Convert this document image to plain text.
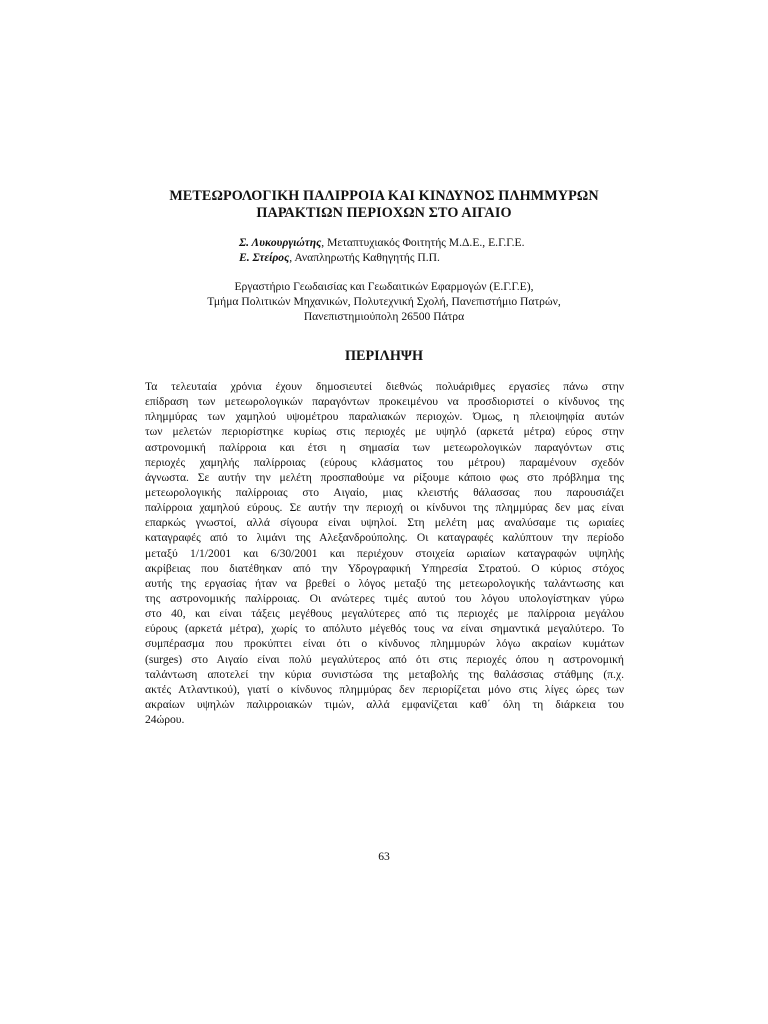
ΜΕΤΕΩΡΟΛΟΓΙΚΗ ΠΑΛΙΡΡΟΙΑ ΚΑΙ ΚΙΝΔΥΝΟΣ ΠΛΗΜΜΥΡΩΝ
ΠΑΡΑΚΤΙΩΝ ΠΕΡΙΟΧΩΝ ΣΤΟ ΑΙΓΑΙΟ
Σ. Λυκουργιώτης, Μεταπτυχιακός Φοιτητής Μ.Δ.Ε., Ε.Γ.Γ.Ε.
Ε. Στείρος, Αναπληρωτής Καθηγητής Π.Π.
Εργαστήριο Γεωδαισίας και Γεωδαιτικών Εφαρμογών (Ε.Γ.Γ.Ε),
Τμήμα Πολιτικών Μηχανικών, Πολυτεχνική Σχολή, Πανεπιστήμιο Πατρών,
Πανεπιστημιούπολη 26500 Πάτρα
ΠΕΡΙΛΗΨΗ
Τα τελευταία χρόνια έχουν δημοσιευτεί διεθνώς πολυάριθμες εργασίες πάνω στην
επίδραση των μετεωρολογικών παραγόντων προκειμένου να προσδιοριστεί ο κίνδυνος της
πλημμύρας των χαμηλού υψομέτρου παραλιακών περιοχών. Όμως, η πλειοψηφία αυτών
των μελετών περιορίστηκε κυρίως στις περιοχές με υψηλό (αρκετά μέτρα) εύρος στην
αστρονομική παλίρροια και έτσι η σημασία των μετεωρολογικών παραγόντων στις
περιοχές χαμηλής παλίρροιας (εύρους κλάσματος του μέτρου) παραμένουν σχεδόν
άγνωστα. Σε αυτήν την μελέτη προσπαθούμε να ρίξουμε κάποιο φως στο πρόβλημα της
μετεωρολογικής παλίρροιας στο Αιγαίο, μιας κλειστής θάλασσας που παρουσιάζει
παλίρροια χαμηλού εύρους. Σε αυτήν την περιοχή οι κίνδυνοι της πλημμύρας δεν μας είναι
επαρκώς γνωστοί, αλλά σίγουρα είναι υψηλοί. Στη μελέτη μας αναλύσαμε τις ωριαίες
καταγραφές από το λιμάνι της Αλεξανδρούπολης. Οι καταγραφές καλύπτουν την περίοδο
μεταξύ 1/1/2001 και 6/30/2001 και περιέχουν στοιχεία ωριαίων καταγραφών υψηλής
ακρίβειας που διατέθηκαν από την Υδρογραφική Υπηρεσία Στρατού. Ο κύριος στόχος
αυτής της εργασίας ήταν να βρεθεί ο λόγος μεταξύ της μετεωρολογικής ταλάντωσης και
της αστρονομικής παλίρροιας. Οι ανώτερες τιμές αυτού του λόγου υπολογίστηκαν γύρω
στο 40, και είναι τάξεις μεγέθους μεγαλύτερες από τις περιοχές με παλίρροια μεγάλου
εύρους (αρκετά μέτρα), χωρίς το απόλυτο μέγεθός τους να είναι σημαντικά μεγαλύτερο. Το
συμπέρασμα που προκύπτει είναι ότι ο κίνδυνος πλημμυρών λόγω ακραίων κυμάτων
(surges) στο Αιγαίο είναι πολύ μεγαλύτερος από ότι στις περιοχές όπου η αστρονομική
ταλάντωση αποτελεί την κύρια συνιστώσα της μεταβολής της θαλάσσιας στάθμης (π.χ.
ακτές Ατλαντικού), γιατί ο κίνδυνος πλημμύρας δεν περιορίζεται μόνο στις λίγες ώρες των
ακραίων υψηλών παλιρροιακών τιμών, αλλά εμφανίζεται καθ΄ όλη τη διάρκεια του
24ώρου.
63
